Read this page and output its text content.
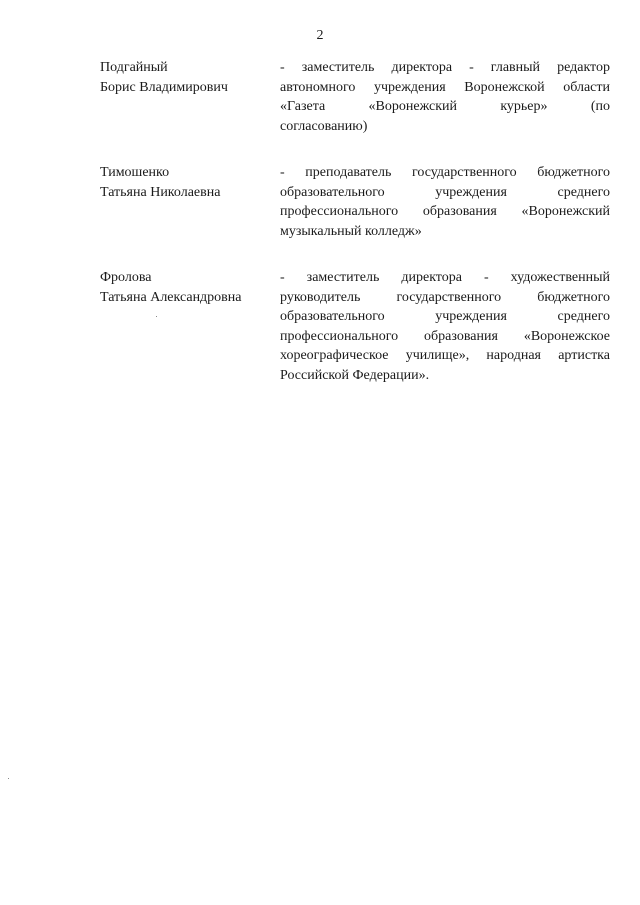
2
Подгайный
Борис Владимирович
- заместитель директора - главный редактор
автономного учреждения Воронежской области
«Газета «Воронежский курьер» (по
согласованию)
Тимошенко
Татьяна Николаевна
- преподаватель государственного бюджетного
образовательного учреждения среднего
профессионального образования «Воронежский
музыкальный колледж»
Фролова
Татьяна Александровна
- заместитель директора - художественный
руководитель государственного бюджетного
образовательного учреждения среднего
профессионального образования «Воронежское
хореографическое училище», народная артистка
Российской Федерации».
